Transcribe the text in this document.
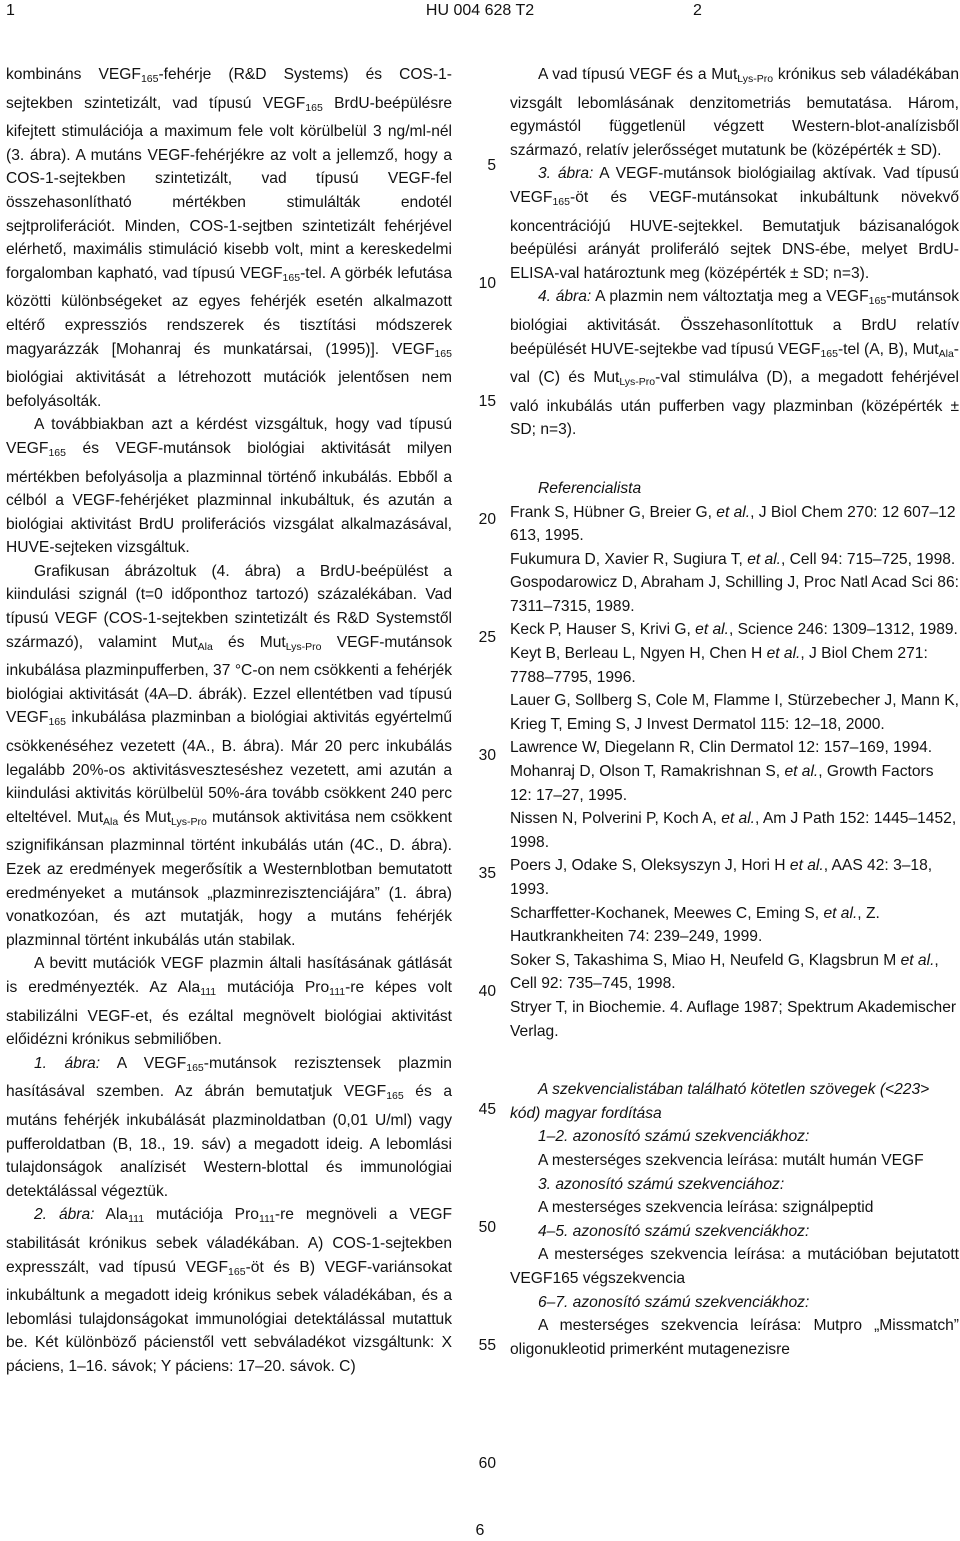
1	HU 004 628 T2	2

kombináns $VEGF_{165}$-fehérje (R&D Systems) és COS-1-sejtekben szintetizált, vad típusú $VEGF_{165}$ BrdU-beépülésre kifejtett stimulációja a maximum fele volt körülbelül 3 ng/ml-nél (3. ábra). A mutáns VEGF-fehérjékre az volt a jellemző, hogy a COS-1-sejtekben szintetizált, vad típusú VEGF-fel összehasonlítható mértékben stimulálták endotél sejtproliferációt. Minden, COS-1-sejtben szintetizált fehérjével elérhető, maximális stimuláció kisebb volt, mint a kereskedelmi forgalomban kapható, vad típusú $VEGF_{165}$-tel. A görbék lefutása közötti különbségeket az egyes fehérjék esetén alkalmazott eltérő expressziós rendszerek és tisztítási módszerek magyarázzák [Mohanraj és munkatársai, (1995)]. $VEGF_{165}$ biológiai aktivitását a létrehozott mutációk jelentősen nem befolyásolták.

A továbbiakban azt a kérdést vizsgáltuk, hogy vad típusú $VEGF_{165}$ és VEGF-mutánsok biológiai aktivitását milyen mértékben befolyásolja a plazminnal történő inkubálás. Ebből a célból a VEGF-fehérjéket plazminnal inkubáltuk, és azután a biológiai aktivitást BrdU proliferációs vizsgálat alkalmazásával, HUVE-sejteken vizsgáltuk.

Grafikusan ábrázoltuk (4. ábra) a BrdU-beépülést a kiindulási szignál (t=0 időponthoz tartozó) százalékában. Vad típusú VEGF (COS-1-sejtekben szintetizált és R&D Systemstől származó), valamint Mut$_{Ala}$ és Mut$_{Lys-Pro}$ VEGF-mutánsok inkubálása plazminpufferben, 37 °C-on nem csökkenti a fehérjék biológiai aktivitását (4A–D. ábrák). Ezzel ellentétben vad típusú $VEGF_{165}$ inkubálása plazminban a biológiai aktivitás egyértelmű csökkenéséhez vezetett (4A., B. ábra). Már 20 perc inkubálás legalább 20%-os aktivitásveszteséshez vezetett, ami azután a kiindulási aktivitás körülbelül 50%-ára tovább csökkent 240 perc elteltével. Mut$_{Ala}$ és Mut$_{Lys-Pro}$ mutánsok aktivitása nem csökkent szignifikánsan plazminnal történt inkubálás után (4C., D. ábra). Ezek az eredmények megerősítik a Westernblotban bemutatott eredményeket a mutánsok „plazminrezisztenciájára” (1. ábra) vonatkozóan, és azt mutatják, hogy a mutáns fehérjék plazminnal történt inkubálás után stabilak.

A bevitt mutációk VEGF plazmin általi hasításának gátlását is eredményezték. Az Ala$_{111}$ mutációja Pro$_{111}$-re képes volt stabilizálni VEGF-et, és ezáltal megnövelt biológiai aktivitást előidézni krónikus sebmiliőben.

1. ábra: A $VEGF_{165}$-mutánsok rezisztensek plazmin hasításával szemben. Az ábrán bemutatjuk $VEGF_{165}$ és a mutáns fehérjék inkubálását plazminoldatban (0,01 U/ml) vagy pufferoldatban (B, 18., 19. sáv) a megadott ideig. A lebomlási tulajdonságok analízisét Western-blottal és immunológiai detektálással végeztük.

2. ábra: Ala$_{111}$ mutációja Pro$_{111}$-re megnöveli a VEGF stabilitását krónikus sebek váladékában. A) COS-1-sejtekben expresszált, vad típusú $VEGF_{165}-öt$ és B) VEGF-variánsokat inkubáltunk a megadott ideig krónikus sebek váladékában, és a lebomlási tulajdonságokat immunológiai detektálással mutattuk be. Két különböző pácienstől vett sebváladékot vizsgáltunk: X páciens, 1–16. sávok; Y páciens: 17–20. sávok. C)

5
10
15
20
25
30
35
40
45
50
55
60

A vad típusú VEGF és a Mut$_{Lys-Pro}$ krónikus seb váladékában vizsgált lebomlásának denzitometriás bemutatása. Három, egymástól függetlenül végzett Western-blot-analízisből származó, relatív jelerősséget mutatunk be (középérték ± SD).

3. ábra: A VEGF-mutánsok biológiailag aktívak. Vad típusú $VEGF_{165}-öt$ és VEGF-mutánsokat inkubáltunk növekvő koncentrációjú HUVE-sejtekkel. Bemutatjuk bázisanalógok beépülési arányát proliferáló sejtek DNS-ébe, melyet BrdU-ELISA-val határoztunk meg (középérték ± SD; n=3).

4. ábra: A plazmin nem változtatja meg a $VEGF_{165}$-mutánsok biológiai aktivitását. Összehasonlítottuk a BrdU relatív beépülését HUVE-sejtekbe vad típusú $VEGF_{165}$-tel (A, B), Mut$_{Ala}$-val (C) és Mut$_{Lys-Pro}$-val stimulálva (D), a megadott fehérjével való inkubálás után pufferben vagy plazminban (középérték ± SD; n=3).

Referencialista

Frank S, Hübner G, Breier G, et al., J Biol Chem 270: 12 607–12 613, 1995.

Fukumura D, Xavier R, Sugiura T, et al., Cell 94: 715–725, 1998.

Gospodarowicz D, Abraham J, Schilling J, Proc Natl Acad Sci 86: 7311–7315, 1989.

Keck P, Hauser S, Krivi G, et al., Science 246: 1309–1312, 1989.

Keyt B, Berleau L, Ngyen H, Chen H et al., J Biol Chem 271: 7788–7795, 1996.

Lauer G, Sollberg S, Cole M, Flamme I, Stürzebecher J, Mann K, Krieg T, Eming S, J Invest Dermatol 115: 12–18, 2000.

Lawrence W, Diegelann R, Clin Dermatol 12: 157–169, 1994.

Mohanraj D, Olson T, Ramakrishnan S, et al., Growth Factors 12: 17–27, 1995.

Nissen N, Polverini P, Koch A, et al., Am J Path 152: 1445–1452, 1998.

Poers J, Odake S, Oleksyszyn J, Hori H et al., AAS 42: 3–18, 1993.

Scharffetter-Kochanek, Meewes C, Eming S, et al., Z. Hautkrankheiten 74: 239–249, 1999.

Soker S, Takashima S, Miao H, Neufeld G, Klagsbrun M et al., Cell 92: 735–745, 1998.

Stryer T, in Biochemie. 4. Auflage 1987; Spektrum Akademischer Verlag.

A szekvencialistában található kötetlen szövegek (<223> kód) magyar fordítása

1–2. azonosító számú szekvenciákhoz:

A mesterséges szekvencia leírása: mutált humán VEGF

3. azonosító számú szekvenciához:

A mesterséges szekvencia leírása: szignálpeptid

4–5. azonosító számú szekvenciákhoz:

A mesterséges szekvencia leírása: a mutációban bejutatott VEGF165 végszekvencia

6–7. azonosító számú szekvenciákhoz:

A mesterséges szekvencia leírása: Mutpro „Missmatch” oligonukleotid primerként mutagenezisre

6
